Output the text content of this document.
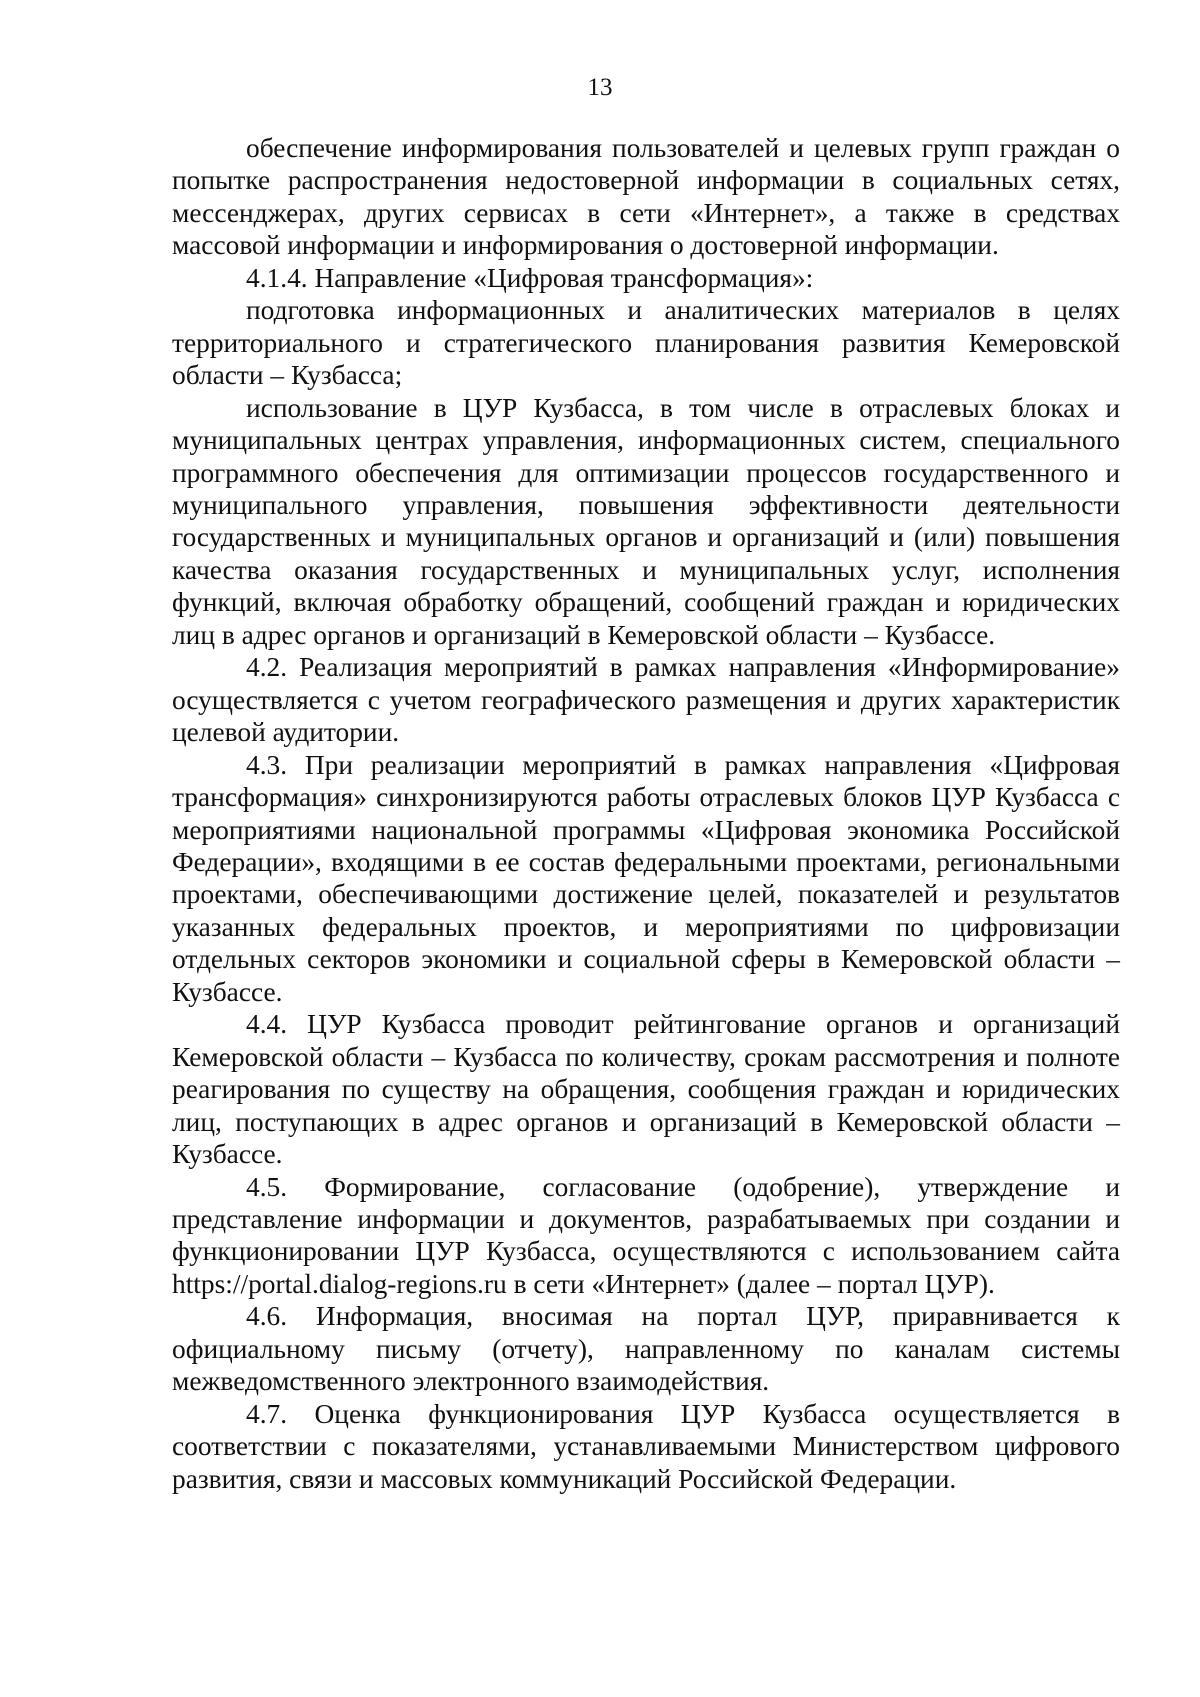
13

обеспечение информирования пользователей и целевых групп граждан о попытке распространения недостоверной информации в социальных сетях, мессенджерах, других сервисах в сети «Интернет», а также в средствах массовой информации и информирования о достоверной информации.

4.1.4. Направление «Цифровая трансформация»:

подготовка информационных и аналитических материалов в целях территориального и стратегического планирования развития Кемеровской области – Кузбасса;

использование в ЦУР Кузбасса, в том числе в отраслевых блоках и муниципальных центрах управления, информационных систем, специального программного обеспечения для оптимизации процессов государственного и муниципального управления, повышения эффективности деятельности государственных и муниципальных органов и организаций и (или) повышения качества оказания государственных и муниципальных услуг, исполнения функций, включая обработку обращений, сообщений граждан и юридических лиц в адрес органов и организаций в Кемеровской области – Кузбассе.

4.2. Реализация мероприятий в рамках направления «Информирование» осуществляется с учетом географического размещения и других характеристик целевой аудитории.

4.3. При реализации мероприятий в рамках направления «Цифровая трансформация» синхронизируются работы отраслевых блоков ЦУР Кузбасса с мероприятиями национальной программы «Цифровая экономика Российской Федерации», входящими в ее состав федеральными проектами, региональными проектами, обеспечивающими достижение целей, показателей и результатов указанных федеральных проектов, и мероприятиями по цифровизации отдельных секторов экономики и социальной сферы в Кемеровской области – Кузбассе.

4.4. ЦУР Кузбасса проводит рейтингование органов и организаций Кемеровской области – Кузбасса по количеству, срокам рассмотрения и полноте реагирования по существу на обращения, сообщения граждан и юридических лиц, поступающих в адрес органов и организаций в Кемеровской области – Кузбассе.

4.5. Формирование, согласование (одобрение), утверждение и представление информации и документов, разрабатываемых при создании и функционировании ЦУР Кузбасса, осуществляются с использованием сайта https://portal.dialog-regions.ru в сети «Интернет» (далее – портал ЦУР).

4.6. Информация, вносимая на портал ЦУР, приравнивается к официальному письму (отчету), направленному по каналам системы межведомственного электронного взаимодействия.

4.7. Оценка функционирования ЦУР Кузбасса осуществляется в соответствии с показателями, устанавливаемыми Министерством цифрового развития, связи и массовых коммуникаций Российской Федерации.
